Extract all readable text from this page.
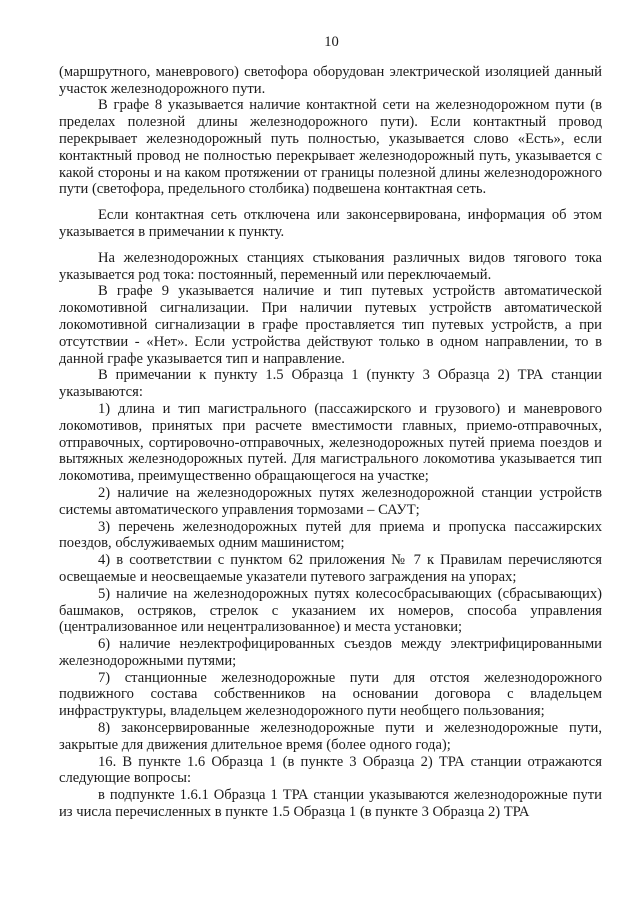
10

(маршрутного, маневрового) светофора оборудован электрической изоляцией данный участок железнодорожного пути.

В графе 8 указывается наличие контактной сети на железнодорожном пути (в пределах полезной длины железнодорожного пути). Если контактный провод перекрывает железнодорожный путь полностью, указывается слово «Есть», если контактный провод не полностью перекрывает железнодорожный путь, указывается с какой стороны и на каком протяжении от границы полезной длины железнодорожного пути (светофора, предельного столбика) подвешена контактная сеть.

Если контактная сеть отключена или законсервирована, информация об этом указывается в примечании к пункту.

На железнодорожных станциях стыкования различных видов тягового тока указывается род тока: постоянный, переменный или переключаемый.

В графе 9 указывается наличие и тип путевых устройств автоматической локомотивной сигнализации. При наличии путевых устройств автоматической локомотивной сигнализации в графе проставляется тип путевых устройств, а при отсутствии - «Нет». Если устройства действуют только в одном направлении, то в данной графе указывается тип и направление.

В примечании к пункту 1.5 Образца 1 (пункту 3 Образца 2) ТРА станции указываются:

1) длина и тип магистрального (пассажирского и грузового) и маневрового локомотивов, принятых при расчете вместимости главных, приемо-отправочных, отправочных, сортировочно-отправочных, железнодорожных путей приема поездов и вытяжных железнодорожных путей. Для магистрального локомотива указывается тип локомотива, преимущественно обращающегося на участке;

2) наличие на железнодорожных путях железнодорожной станции устройств системы автоматического управления тормозами – САУТ;

3) перечень железнодорожных путей для приема и пропуска пассажирских поездов, обслуживаемых одним машинистом;

4) в соответствии с пунктом 62 приложения № 7 к Правилам перечисляются освещаемые и неосвещаемые указатели путевого заграждения на упорах;

5) наличие на железнодорожных путях колесосбрасывающих (сбрасывающих) башмаков, остряков, стрелок с указанием их номеров, способа управления (централизованное или нецентрализованное) и места установки;

6) наличие неэлектрофицированных съездов между электрифицированными железнодорожными путями;

7) станционные железнодорожные пути для отстоя железнодорожного подвижного состава собственников на основании договора с владельцем инфраструктуры, владельцем железнодорожного пути необщего пользования;

8) законсервированные железнодорожные пути и железнодорожные пути, закрытые для движения длительное время (более одного года);

16. В пункте 1.6 Образца 1 (в пункте 3 Образца 2) ТРА станции отражаются следующие вопросы:

в подпункте 1.6.1 Образца 1 ТРА станции указываются железнодорожные пути из числа перечисленных в пункте 1.5 Образца 1 (в пункте 3 Образца 2) ТРА
